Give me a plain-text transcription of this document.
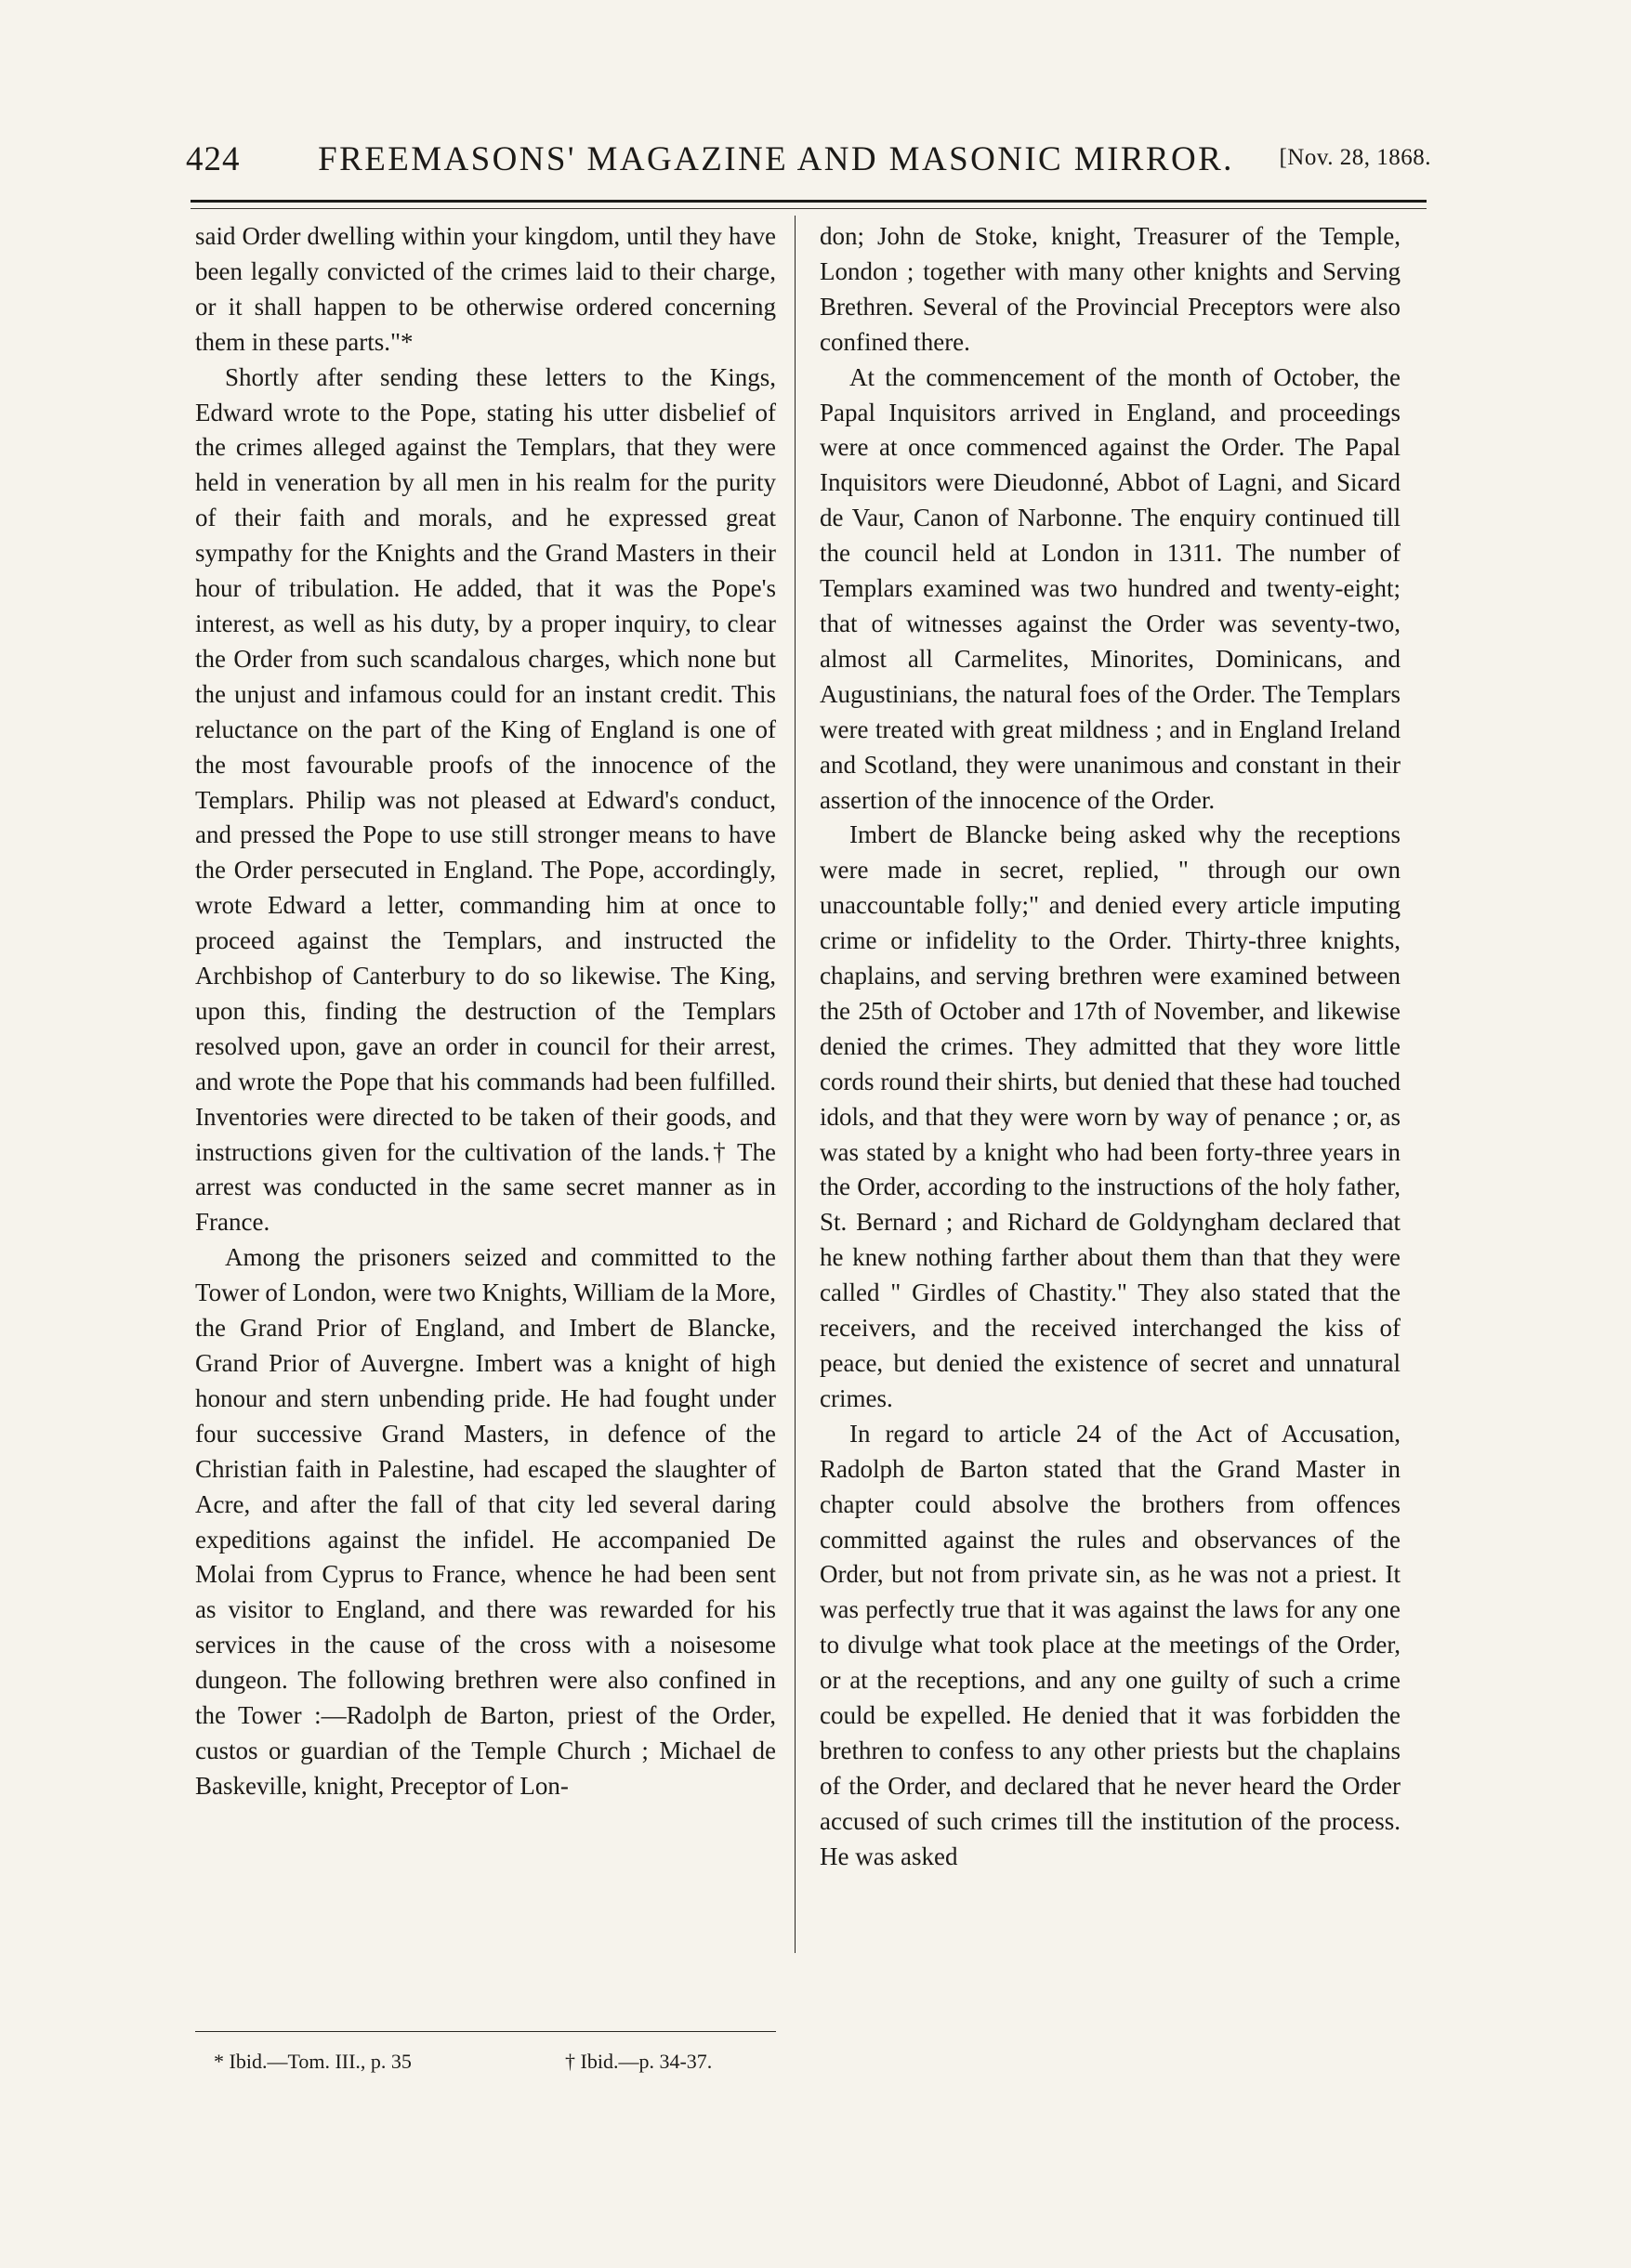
424	FREEMASONS' MAGAZINE AND MASONIC MIRROR.	[Nov. 28, 1868.

said Order dwelling within your kingdom, until they have been legally convicted of the crimes laid to their charge, or it shall happen to be otherwise ordered concerning them in these parts."*

Shortly after sending these letters to the Kings, Edward wrote to the Pope, stating his utter disbelief of the crimes alleged against the Templars, that they were held in veneration by all men in his realm for the purity of their faith and morals, and he expressed great sympathy for the Knights and the Grand Masters in their hour of tribulation. He added, that it was the Pope's interest, as well as his duty, by a proper inquiry, to clear the Order from such scandalous charges, which none but the unjust and infamous could for an instant credit. This reluctance on the part of the King of England is one of the most favourable proofs of the innocence of the Templars. Philip was not pleased at Edward's conduct, and pressed the Pope to use still stronger means to have the Order persecuted in England. The Pope, accordingly, wrote Edward a letter, commanding him at once to proceed against the Templars, and instructed the Archbishop of Canterbury to do so likewise. The King, upon this, finding the destruction of the Templars resolved upon, gave an order in council for their arrest, and wrote the Pope that his commands had been fulfilled. Inventories were directed to be taken of their goods, and instructions given for the cultivation of the lands.† The arrest was conducted in the same secret manner as in France.

Among the prisoners seized and committed to the Tower of London, were two Knights, William de la More, the Grand Prior of England, and Imbert de Blancke, Grand Prior of Auvergne. Imbert was a knight of high honour and stern unbending pride. He had fought under four successive Grand Masters, in defence of the Christian faith in Palestine, had escaped the slaughter of Acre, and after the fall of that city led several daring expeditions against the infidel. He accompanied De Molai from Cyprus to France, whence he had been sent as visitor to England, and there was rewarded for his services in the cause of the cross with a noisesome dungeon. The following brethren were also confined in the Tower :—Radolph de Barton, priest of the Order, custos or guardian of the Temple Church ; Michael de Baskeville, knight, Preceptor of Lon-

don; John de Stoke, knight, Treasurer of the Temple, London ; together with many other knights and Serving Brethren. Several of the Provincial Preceptors were also confined there.

At the commencement of the month of October, the Papal Inquisitors arrived in England, and proceedings were at once commenced against the Order. The Papal Inquisitors were Dieudonné, Abbot of Lagni, and Sicard de Vaur, Canon of Narbonne. The enquiry continued till the council held at London in 1311. The number of Templars examined was two hundred and twenty-eight; that of witnesses against the Order was seventy-two, almost all Carmelites, Minorites, Dominicans, and Augustinians, the natural foes of the Order. The Templars were treated with great mildness ; and in England Ireland and Scotland, they were unanimous and constant in their assertion of the innocence of the Order.

Imbert de Blancke being asked why the receptions were made in secret, replied, " through our own unaccountable folly;" and denied every article imputing crime or infidelity to the Order. Thirty-three knights, chaplains, and serving brethren were examined between the 25th of October and 17th of November, and likewise denied the crimes. They admitted that they wore little cords round their shirts, but denied that these had touched idols, and that they were worn by way of penance ; or, as was stated by a knight who had been forty-three years in the Order, according to the instructions of the holy father, St. Bernard ; and Richard de Goldyngham declared that he knew nothing farther about them than that they were called " Girdles of Chastity." They also stated that the receivers, and the received interchanged the kiss of peace, but denied the existence of secret and unnatural crimes.

In regard to article 24 of the Act of Accusation, Radolph de Barton stated that the Grand Master in chapter could absolve the brothers from offences committed against the rules and observances of the Order, but not from private sin, as he was not a priest. It was perfectly true that it was against the laws for any one to divulge what took place at the meetings of the Order, or at the receptions, and any one guilty of such a crime could be expelled. He denied that it was forbidden the brethren to confess to any other priests but the chaplains of the Order, and declared that he never heard the Order accused of such crimes till the institution of the process. He was asked

* Ibid.—Tom. III., p. 35	† Ibid.—p. 34-37.
